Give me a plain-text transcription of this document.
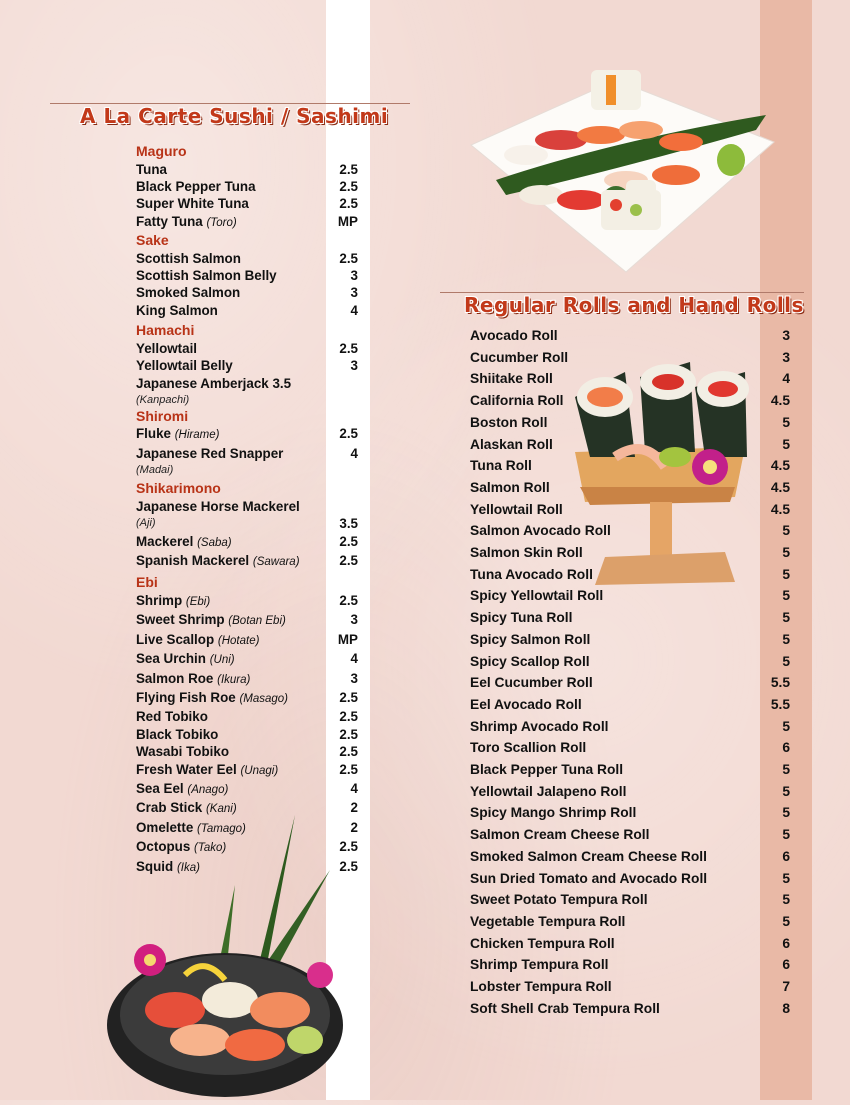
A La Carte Sushi / Sashimi
Regular Rolls and Hand Rolls
Maguro
Tuna	2.5
Black Pepper Tuna	2.5
Super White Tuna	2.5
Fatty Tuna (Toro)	MP
Sake
Scottish Salmon	2.5
Scottish Salmon Belly	3
Smoked Salmon	3
King Salmon	4
Hamachi
Yellowtail	2.5
Yellowtail Belly	3
Japanese Amberjack 3.5
(Kanpachi)
Shiromi
Fluke (Hirame)	2.5
Japanese Red Snapper	4
(Madai)
Shikarimono
Japanese Horse Mackerel
(Aji)	3.5
Mackerel (Saba)	2.5
Spanish Mackerel (Sawara)	2.5
Ebi
Shrimp (Ebi)	2.5
Sweet Shrimp (Botan Ebi)	3
Live Scallop (Hotate)	MP
Sea Urchin (Uni)	4
Salmon Roe (Ikura)	3
Flying Fish Roe (Masago)	2.5
Red Tobiko	2.5
Black Tobiko	2.5
Wasabi Tobiko	2.5
Fresh Water Eel (Unagi)	2.5
Sea Eel (Anago)	4
Crab Stick (Kani)	2
Omelette (Tamago)	2
Octopus (Tako)	2.5
Squid (Ika)	2.5
Avocado Roll	3
Cucumber Roll	3
Shiitake Roll	4
California Roll	4.5
Boston Roll	5
Alaskan Roll	5
Tuna Roll	4.5
Salmon Roll	4.5
Yellowtail Roll	4.5
Salmon Avocado Roll	5
Salmon Skin Roll	5
Tuna Avocado Roll	5
Spicy Yellowtail Roll	5
Spicy Tuna Roll	5
Spicy Salmon Roll	5
Spicy Scallop Roll	5
Eel Cucumber Roll	5.5
Eel Avocado Roll	5.5
Shrimp Avocado Roll	5
Toro Scallion Roll	6
Black Pepper Tuna Roll	5
Yellowtail Jalapeno Roll	5
Spicy Mango Shrimp Roll	5
Salmon Cream Cheese Roll	5
Smoked Salmon Cream Cheese Roll	6
Sun Dried Tomato and Avocado Roll	5
Sweet Potato Tempura Roll	5
Vegetable Tempura Roll	5
Chicken Tempura Roll	6
Shrimp Tempura Roll	6
Lobster Tempura Roll	7
Soft Shell Crab Tempura Roll	8
